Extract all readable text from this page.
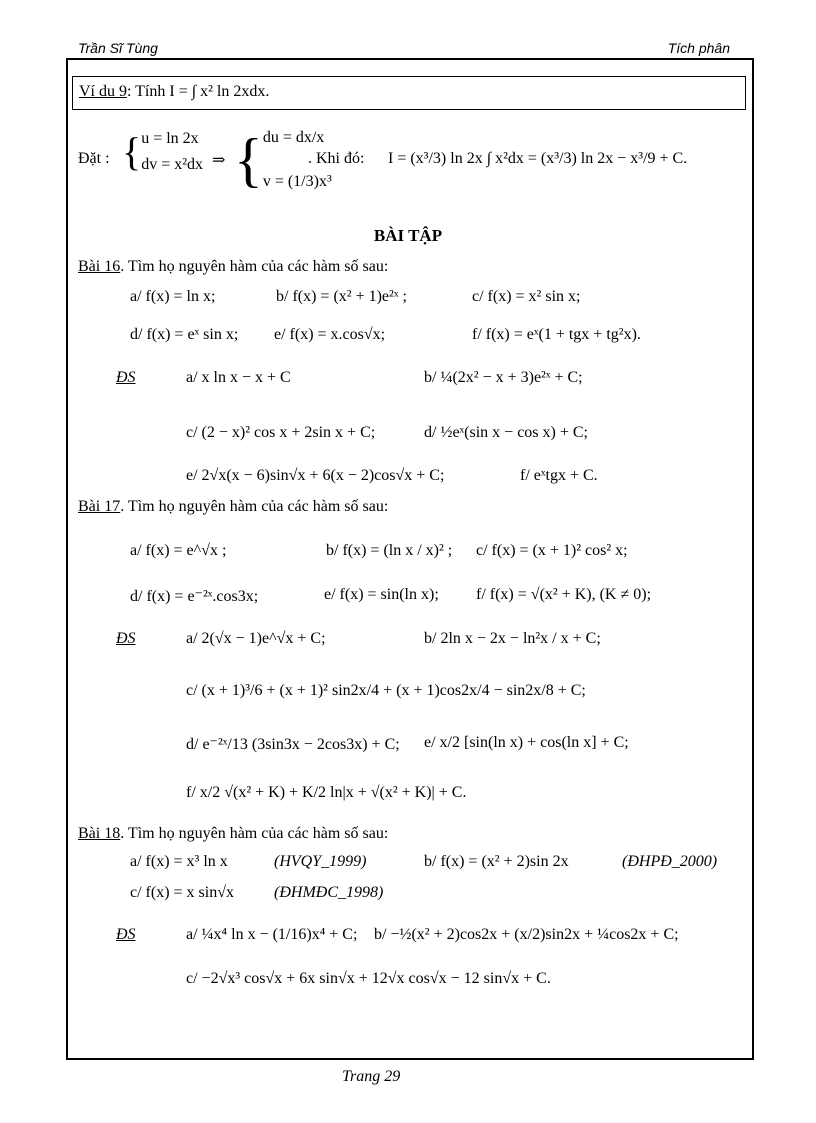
Trần Sĩ Tùng	Tích phân
Ví du 9: Tính I = ∫ x² ln 2xdx.
Đặt : { u = ln 2x
dv = x²dx ⇒ { du = dx/x
v = (1/3)x³
. Khi đó: I = (x³/3) ln 2x ∫ x²dx = (x³/3) ln 2x − x³/9 + C.
BÀI TẬP
Bài 16. Tìm họ nguyên hàm của các hàm số sau:
a/ f(x) = ln x;	b/ f(x) = (x² + 1)e²ˣ ;	c/ f(x) = x² sin x;
d/ f(x) = eˣ sin x; e/ f(x) = x.cos√x;	f/ f(x) = eˣ(1 + tgx + tg²x).
ĐS	a/ x ln x − x + C	b/ ¼(2x² − x + 3)e²ˣ + C;
c/ (2 − x)² cos x + 2sin x + C;	d/ ½eˣ(sin x − cos x) + C;
e/ 2√x(x − 6)sin√x + 6(x − 2)cos√x + C;	f/ eˣtgx + C.
Bài 17. Tìm họ nguyên hàm của các hàm số sau:
a/ f(x) = e^√x ;	b/ f(x) = (ln x / x)² ; c/ f(x) = (x + 1)² cos² x;
d/ f(x) = e⁻²ˣ.cos3x;	e/ f(x) = sin(ln x); f/ f(x) = √(x² + K), (K ≠ 0);
ĐS	a/ 2(√x − 1)e^√x + C;	b/ 2ln x − 2x − ln²x / x + C;
c/ (x + 1)³/6 + (x + 1)² sin2x/4 + (x + 1)cos2x/4 − sin2x/8 + C;
d/ e⁻²ˣ/13 (3sin3x − 2cos3x) + C; e/ x/2 [sin(ln x) + cos(ln x] + C;
f/ x/2 √(x² + K) + K/2 ln|x + √(x² + K)| + C.
Bài 18. Tìm họ nguyên hàm của các hàm số sau:
a/ f(x) = x³ ln x	(HVQY_1999)	b/ f(x) = (x² + 2)sin 2x	(ĐHPĐ_2000)
c/ f(x) = x sin√x (ĐHMĐC_1998)
ĐS	a/ ¼x⁴ ln x − (1/16)x⁴ + C; b/ −½(x² + 2)cos2x + (x/2)sin2x + ¼cos2x + C;
c/ −2√x³ cos√x + 6x sin√x + 12√x cos√x − 12 sin√x + C.
Trang 29
